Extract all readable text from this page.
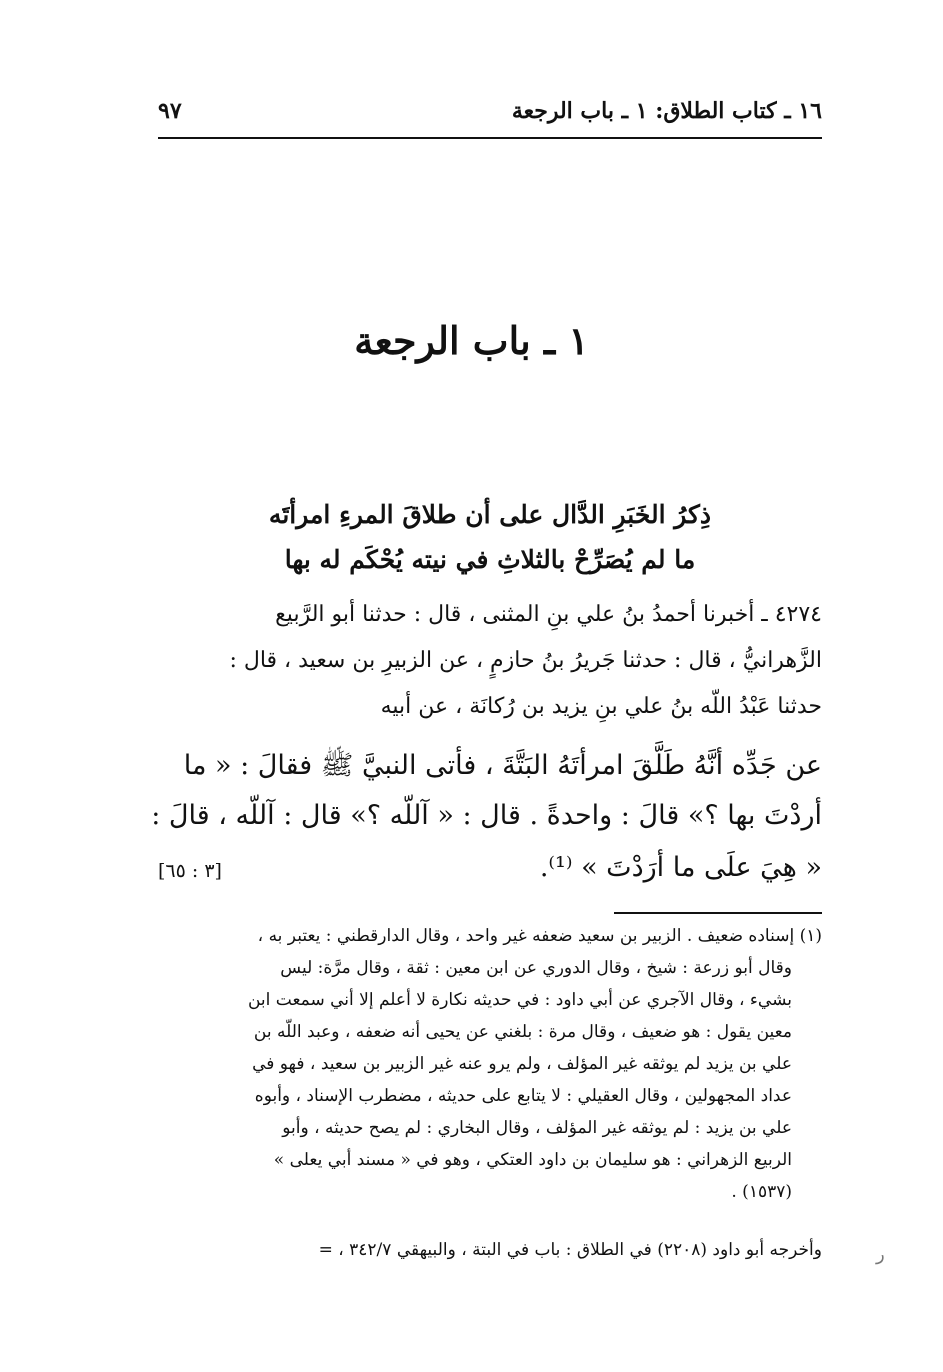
١٦ ـ كتاب الطلاق: ١ ـ باب الرجعة
٩٧
١ ـ باب الرجعة
ذِكرُ الخَبَرِ الدَّال على أن طلاقَ المرءِ امرأتَه
ما لم يُصَرِّحْ بالثلاثِ في نيته يُحْكَم له بها
٤٢٧٤ ـ أخبرنا أحمدُ بنُ علي بنِ المثنى ، قال : حدثنا أبو الرَّبيع
الزَّهرانيُّ ، قال : حدثنا جَريرُ بنُ حازمٍ ، عن الزبيرِ بن سعيد ، قال :
حدثنا عَبْدُ اللّه بنُ علي بنِ يزيد بن رُكانَة ، عن أبيه
عن جَدِّه أنَّهُ طَلَّقَ امرأتَهُ البَتَّةَ ، فأتى النبيَّ ﷺ فقالَ : « ما
أردْتَ بها ؟» قالَ : واحدةً . قال : « آللّه ؟» قال : آللّه ، قالَ :
« هِيَ علَى ما أرَدْتَ » ⁽¹⁾.
[٣ : ٦٥]
(١) إسناده ضعيف . الزبير بن سعيد ضعفه غير واحد ، وقال الدارقطني : يعتبر به ،
وقال أبو زرعة : شيخ ، وقال الدوري عن ابن معين : ثقة ، وقال مرَّة: ليس
بشيء ، وقال الآجري عن أبي داود : في حديثه نكارة لا أعلم إلا أني سمعت ابن
معين يقول : هو ضعيف ، وقال مرة : بلغني عن يحيى أنه ضعفه ، وعبد اللّه بن
علي بن يزيد لم يوثقه غير المؤلف ، ولم يرو عنه غير الزبير بن سعيد ، فهو في
عداد المجهولين ، وقال العقيلي : لا يتابع على حديثه ، مضطرب الإسناد ، وأبوه
علي بن يزيد : لم يوثقه غير المؤلف ، وقال البخاري : لم يصح حديثه ، وأبو
الربيع الزهراني : هو سليمان بن داود العتكي ، وهو في « مسند أبي يعلى »
(١٥٣٧) .
وأخرجه أبو داود (٢٢٠٨) في الطلاق : باب في البتة ، والبيهقي ٣٤٢/٧ ، =	ر
